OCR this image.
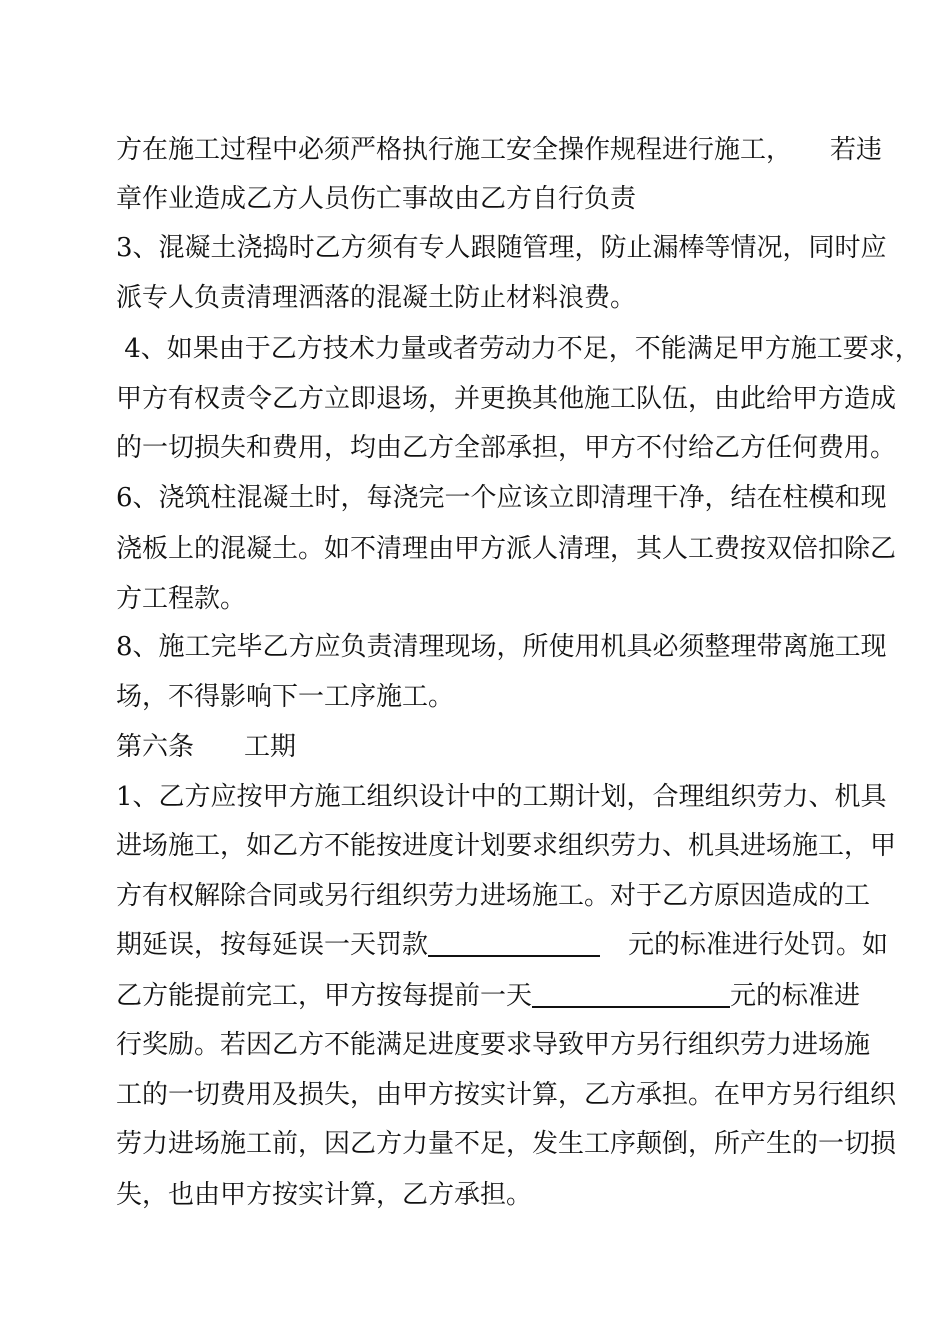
方在施工过程中必须严格执行施工安全操作规程进行施工， 若违
章作业造成乙方人员伤亡事故由乙方自行负责
3、混凝土浇捣时乙方须有专人跟随管理，防止漏棒等情况，同时应
派专人负责清理洒落的混凝土防止材料浪费。
4、如果由于乙方技术力量或者劳动力不足，不能满足甲方施工要求，
甲方有权责令乙方立即退场，并更换其他施工队伍，由此给甲方造成
的一切损失和费用，均由乙方全部承担，甲方不付给乙方任何费用。
6、浇筑柱混凝土时，每浇完一个应该立即清理干净，结在柱模和现
浇板上的混凝土。如不清理由甲方派人清理，其人工费按双倍扣除乙
方工程款。
8、施工完毕乙方应负责清理现场，所使用机具必须整理带离施工现
场，不得影响下一工序施工。
第六条 工期
1、乙方应按甲方施工组织设计中的工期计划，合理组织劳力、机具
进场施工，如乙方不能按进度计划要求组织劳力、机具进场施工，甲
方有权解除合同或另行组织劳力进场施工。对于乙方原因造成的工
期延误，按每延误一天罚款	元的标准进行处罚。如
乙方能提前完工，甲方按每提前一天	元的标准进
行奖励。若因乙方不能满足进度要求导致甲方另行组织劳力进场施
工的一切费用及损失，由甲方按实计算，乙方承担。在甲方另行组织
劳力进场施工前，因乙方力量不足，发生工序颠倒，所产生的一切损
失，也由甲方按实计算，乙方承担。
